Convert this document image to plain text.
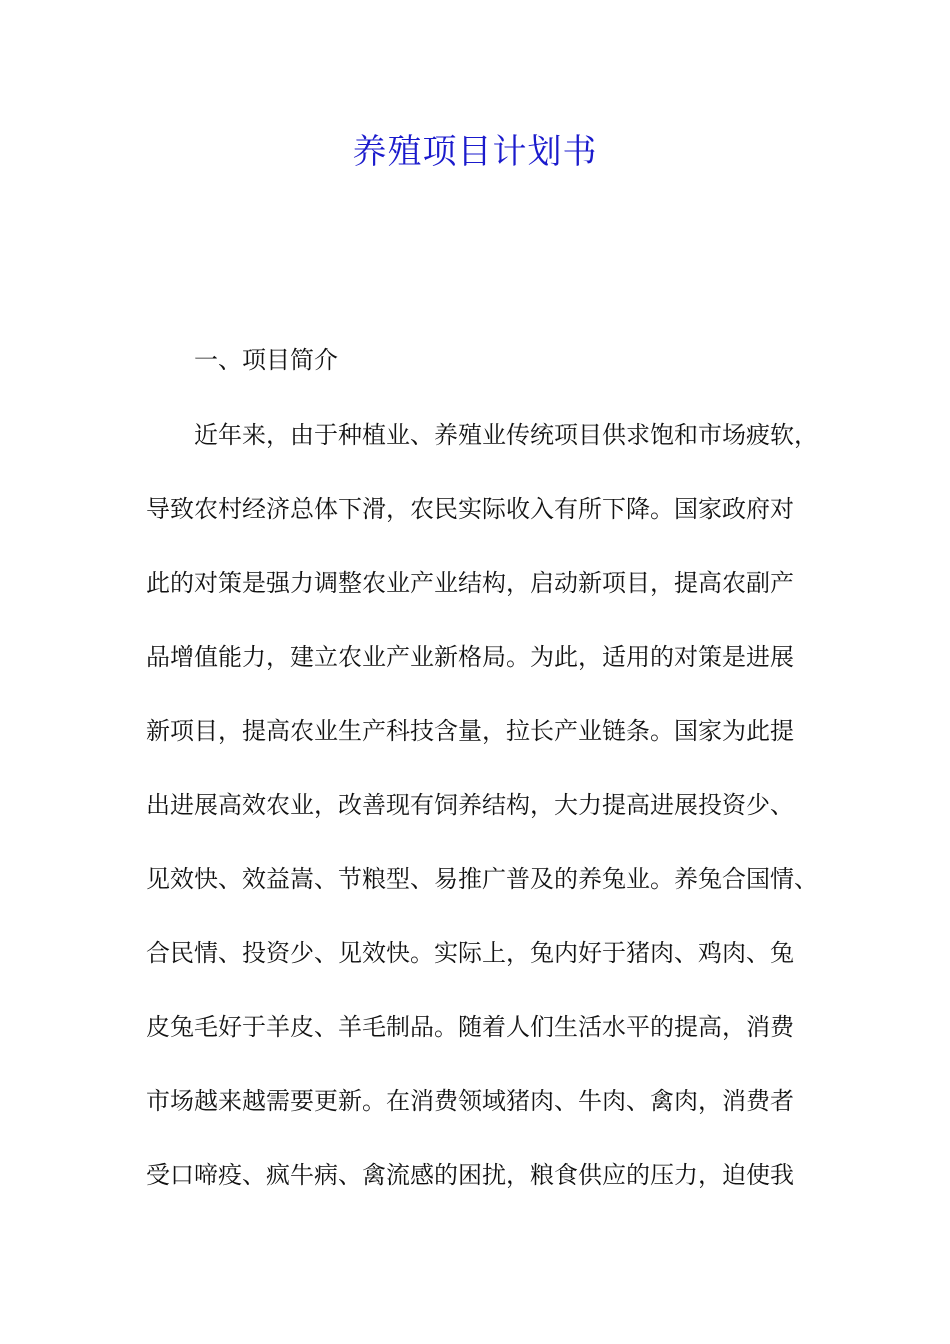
养殖项目计划书
一、项目简介

近年来，由于种植业、养殖业传统项目供求饱和市场疲软，

导致农村经济总体下滑，农民实际收入有所下降。国家政府对

此的对策是强力调整农业产业结构，启动新项目，提高农副产

品增值能力，建立农业产业新格局。为此，适用的对策是进展

新项目，提高农业生产科技含量，拉长产业链条。国家为此提

出进展高效农业，改善现有饲养结构，大力提高进展投资少、

见效快、效益嵩、节粮型、易推广普及的养兔业。养兔合国情、

合民情、投资少、见效快。实际上，兔内好于猪肉、鸡肉、兔

皮兔毛好于羊皮、羊毛制品。随着人们生活水平的提高，消费

市场越来越需要更新。在消费领域猪肉、牛肉、禽肉，消费者

受口啼疫、疯牛病、禽流感的困扰，粮食供应的压力，迫使我
